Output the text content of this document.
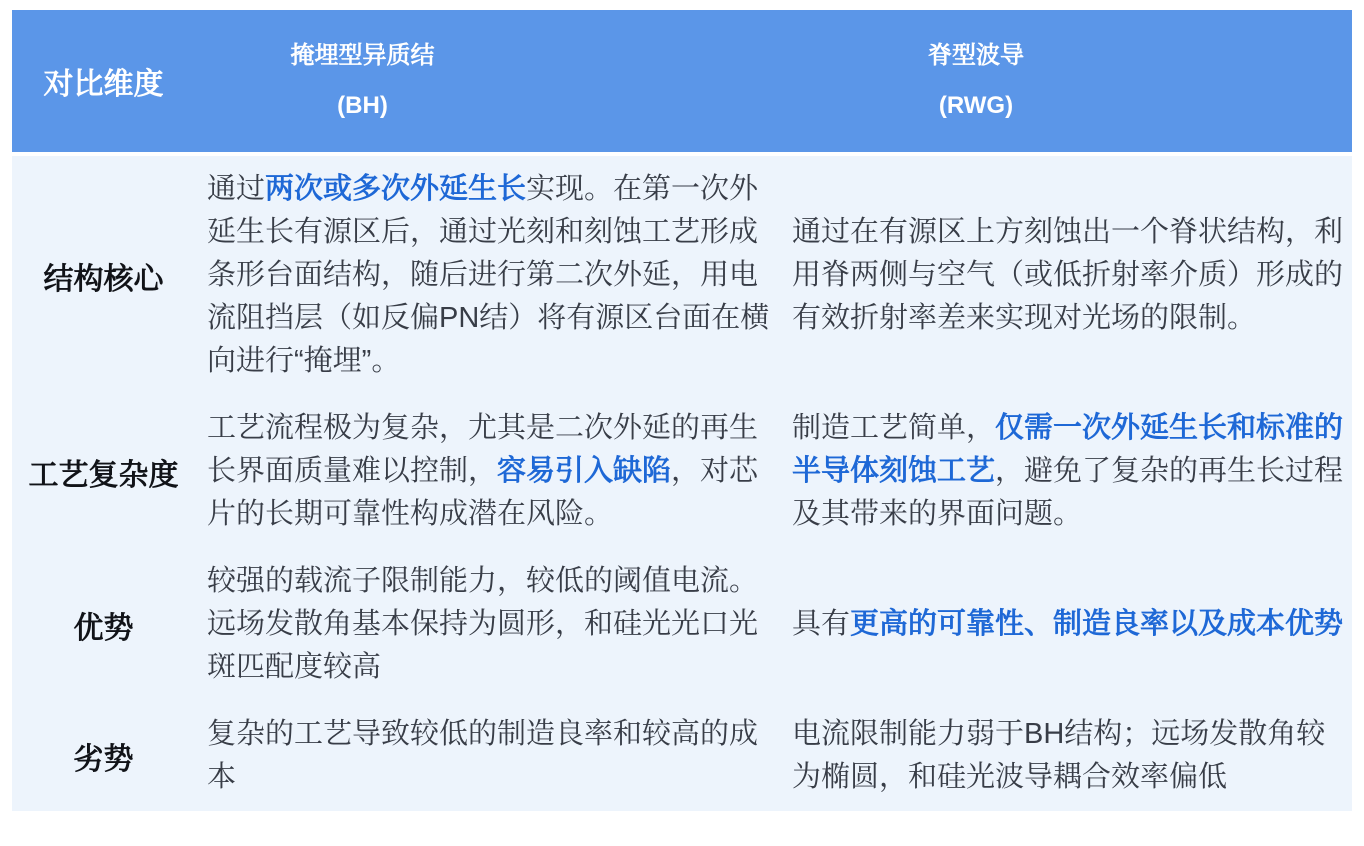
对比维度
掩埋型异质结
(BH)
脊型波导
(RWG)
结构核心
通过两次或多次外延生长实现。在第一次外延生长有源区后，通过光刻和刻蚀工艺形成条形台面结构，随后进行第二次外延，用电流阻挡层（如反偏PN结）将有源区台面在横向进行“掩埋”。
通过在有源区上方刻蚀出一个脊状结构，利用脊两侧与空气（或低折射率介质）形成的有效折射率差来实现对光场的限制。
工艺复杂度
工艺流程极为复杂，尤其是二次外延的再生长界面质量难以控制，容易引入缺陷，对芯片的长期可靠性构成潜在风险。
制造工艺简单，仅需一次外延生长和标准的半导体刻蚀工艺，避免了复杂的再生长过程及其带来的界面问题。
优势
较强的载流子限制能力，较低的阈值电流。远场发散角基本保持为圆形，和硅光光口光斑匹配度较高
具有更高的可靠性、制造良率以及成本优势
劣势
复杂的工艺导致较低的制造良率和较高的成本
电流限制能力弱于BH结构；远场发散角较为椭圆，和硅光波导耦合效率偏低
